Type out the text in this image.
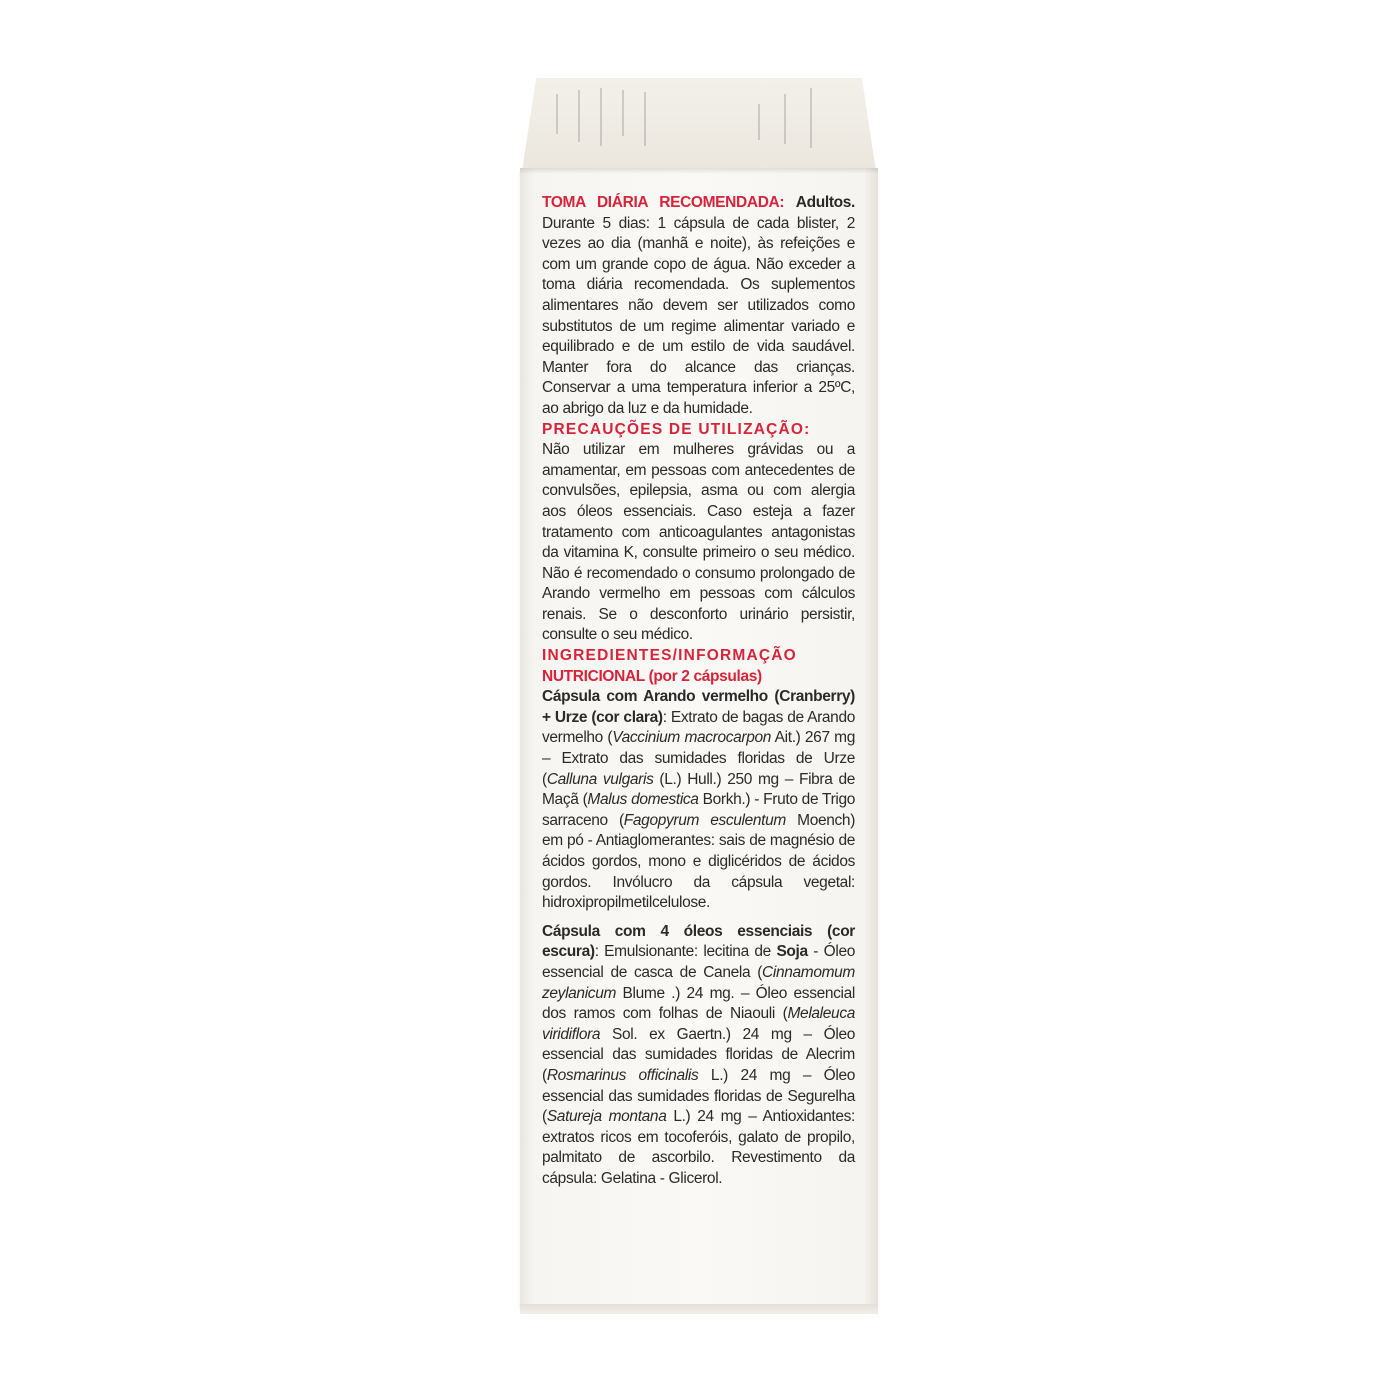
TOMA DIÁRIA RECOMENDADA: Adultos. Durante 5 dias: 1 cápsula de cada blister, 2 vezes ao dia (manhã e noite), às refeições e com um grande copo de água. Não exceder a toma diária recomendada. Os suplementos alimentares não devem ser utilizados como substitutos de um regime alimentar variado e equilibrado e de um estilo de vida saudável. Manter fora do alcance das crianças. Conservar a uma temperatura inferior a 25ºC, ao abrigo da luz e da humidade.

PRECAUÇÕES DE UTILIZAÇÃO:

Não utilizar em mulheres grávidas ou a amamentar, em pessoas com antecedentes de convulsões, epilepsia, asma ou com alergia aos óleos essenciais. Caso esteja a fazer tratamento com anticoagulantes antagonistas da vitamina K, consulte primeiro o seu médico. Não é recomendado o consumo prolongado de Arando vermelho em pessoas com cálculos renais. Se o desconforto urinário persistir, consulte o seu médico.

INGREDIENTES/INFORMAÇÃO

NUTRICIONAL (por 2 cápsulas)

Cápsula com Arando vermelho (Cranberry) + Urze (cor clara): Extrato de bagas de Arando vermelho (Vaccinium macrocarpon Ait.) 267 mg – Extrato das sumidades floridas de Urze (Calluna vulgaris (L.) Hull.) 250 mg – Fibra de Maçã (Malus domestica Borkh.) - Fruto de Trigo sarraceno (Fagopyrum esculentum Moench) em pó - Antiaglomerantes: sais de magnésio de ácidos gordos, mono e diglicéridos de ácidos gordos. Invólucro da cápsula vegetal: hidroxipropilmetilcelulose.

Cápsula com 4 óleos essenciais (cor escura): Emulsionante: lecitina de Soja - Óleo essencial de casca de Canela (Cinnamomum zeylanicum Blume .) 24 mg. – Óleo essencial dos ramos com folhas de Niaouli (Melaleuca viridiflora Sol. ex Gaertn.) 24 mg – Óleo essencial das sumidades floridas de Alecrim (Rosmarinus officinalis L.) 24 mg – Óleo essencial das sumidades floridas de Segurelha (Satureja montana L.) 24 mg – Antioxidantes: extratos ricos em tocoferóis, galato de propilo, palmitato de ascorbilo. Revestimento da cápsula: Gelatina - Glicerol.
